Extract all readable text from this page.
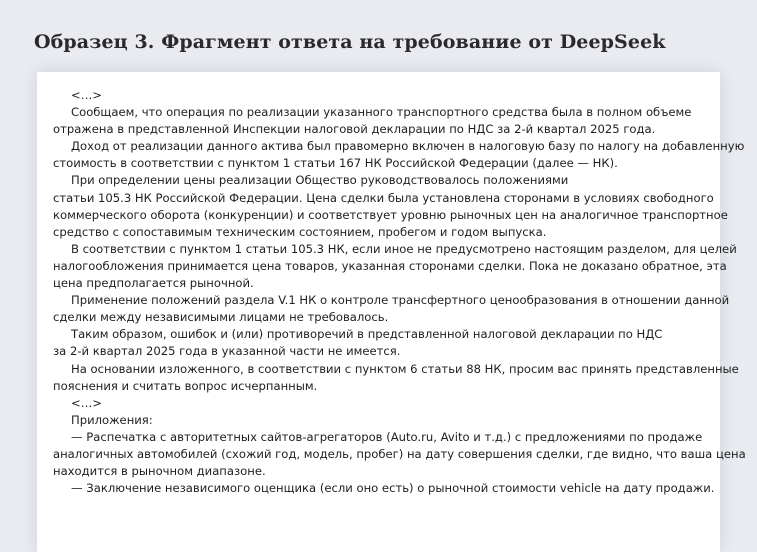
Образец 3. Фрагмент ответа на требование от DeepSeek

<…>

Сообщаем, что операция по реализации указанного транспортного средства была в полном объеме
отражена в представленной Инспекции налоговой декларации по НДС за 2-й квартал 2025 года.

Доход от реализации данного актива был правомерно включен в налоговую базу по налогу на добавленную
стоимость в соответствии с пунктом 1 статьи 167 НК Российской Федерации (далее — НК).

При определении цены реализации Общество руководствовалось положениями
статьи 105.3 НК Российской Федерации. Цена сделки была установлена сторонами в условиях свободного
коммерческого оборота (конкуренции) и соответствует уровню рыночных цен на аналогичное транспортное
средство с сопоставимым техническим состоянием, пробегом и годом выпуска.

В соответствии с пунктом 1 статьи 105.3 НК, если иное не предусмотрено настоящим разделом, для целей
налогообложения принимается цена товаров, указанная сторонами сделки. Пока не доказано обратное, эта
цена предполагается рыночной.

Применение положений раздела V.1 НК о контроле трансфертного ценообразования в отношении данной
сделки между независимыми лицами не требовалось.

Таким образом, ошибок и (или) противоречий в представленной налоговой декларации по НДС
за 2-й квартал 2025 года в указанной части не имеется.

На основании изложенного, в соответствии с пунктом 6 статьи 88 НК, просим вас принять представленные
пояснения и считать вопрос исчерпанным.

<…>

Приложения:

— Распечатка с авторитетных сайтов-агрегаторов (Auto.ru, Avito и т.д.) с предложениями по продаже
аналогичных автомобилей (схожий год, модель, пробег) на дату совершения сделки, где видно, что ваша цена
находится в рыночном диапазоне.

— Заключение независимого оценщика (если оно есть) о рыночной стоимости vehicle на дату продажи.
